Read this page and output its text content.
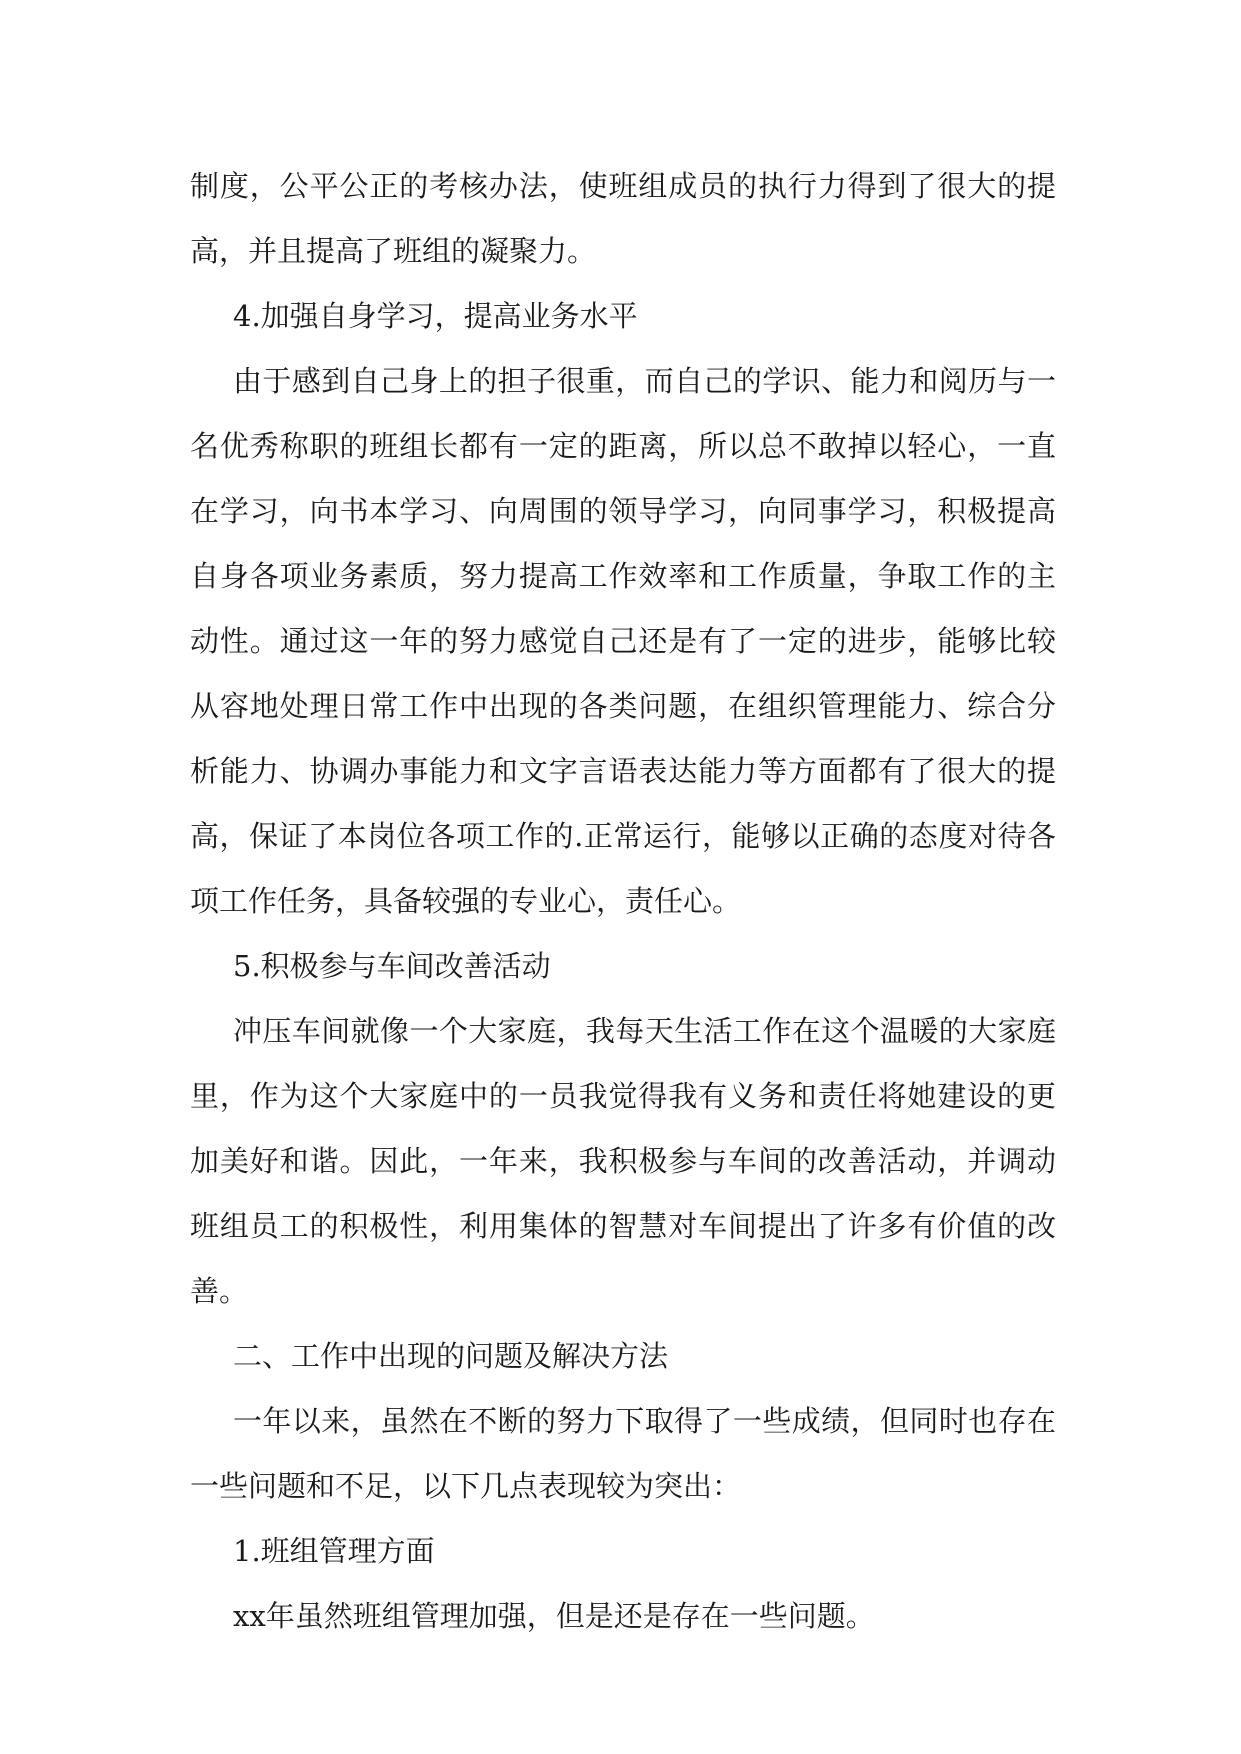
制度，公平公正的考核办法，使班组成员的执行力得到了很大的提高，并且提高了班组的凝聚力。

4.加强自身学习，提高业务水平

由于感到自己身上的担子很重，而自己的学识、能力和阅历与一名优秀称职的班组长都有一定的距离，所以总不敢掉以轻心，一直在学习，向书本学习、向周围的领导学习，向同事学习，积极提高自身各项业务素质，努力提高工作效率和工作质量，争取工作的主动性。通过这一年的努力感觉自己还是有了一定的进步，能够比较从容地处理日常工作中出现的各类问题，在组织管理能力、综合分析能力、协调办事能力和文字言语表达能力等方面都有了很大的提高，保证了本岗位各项工作的.正常运行，能够以正确的态度对待各项工作任务，具备较强的专业心，责任心。

5.积极参与车间改善活动

冲压车间就像一个大家庭，我每天生活工作在这个温暖的大家庭里，作为这个大家庭中的一员我觉得我有义务和责任将她建设的更加美好和谐。因此，一年来，我积极参与车间的改善活动，并调动班组员工的积极性，利用集体的智慧对车间提出了许多有价值的改善。

二、工作中出现的问题及解决方法

一年以来，虽然在不断的努力下取得了一些成绩，但同时也存在一些问题和不足，以下几点表现较为突出：

1.班组管理方面

xx年虽然班组管理加强，但是还是存在一些问题。
